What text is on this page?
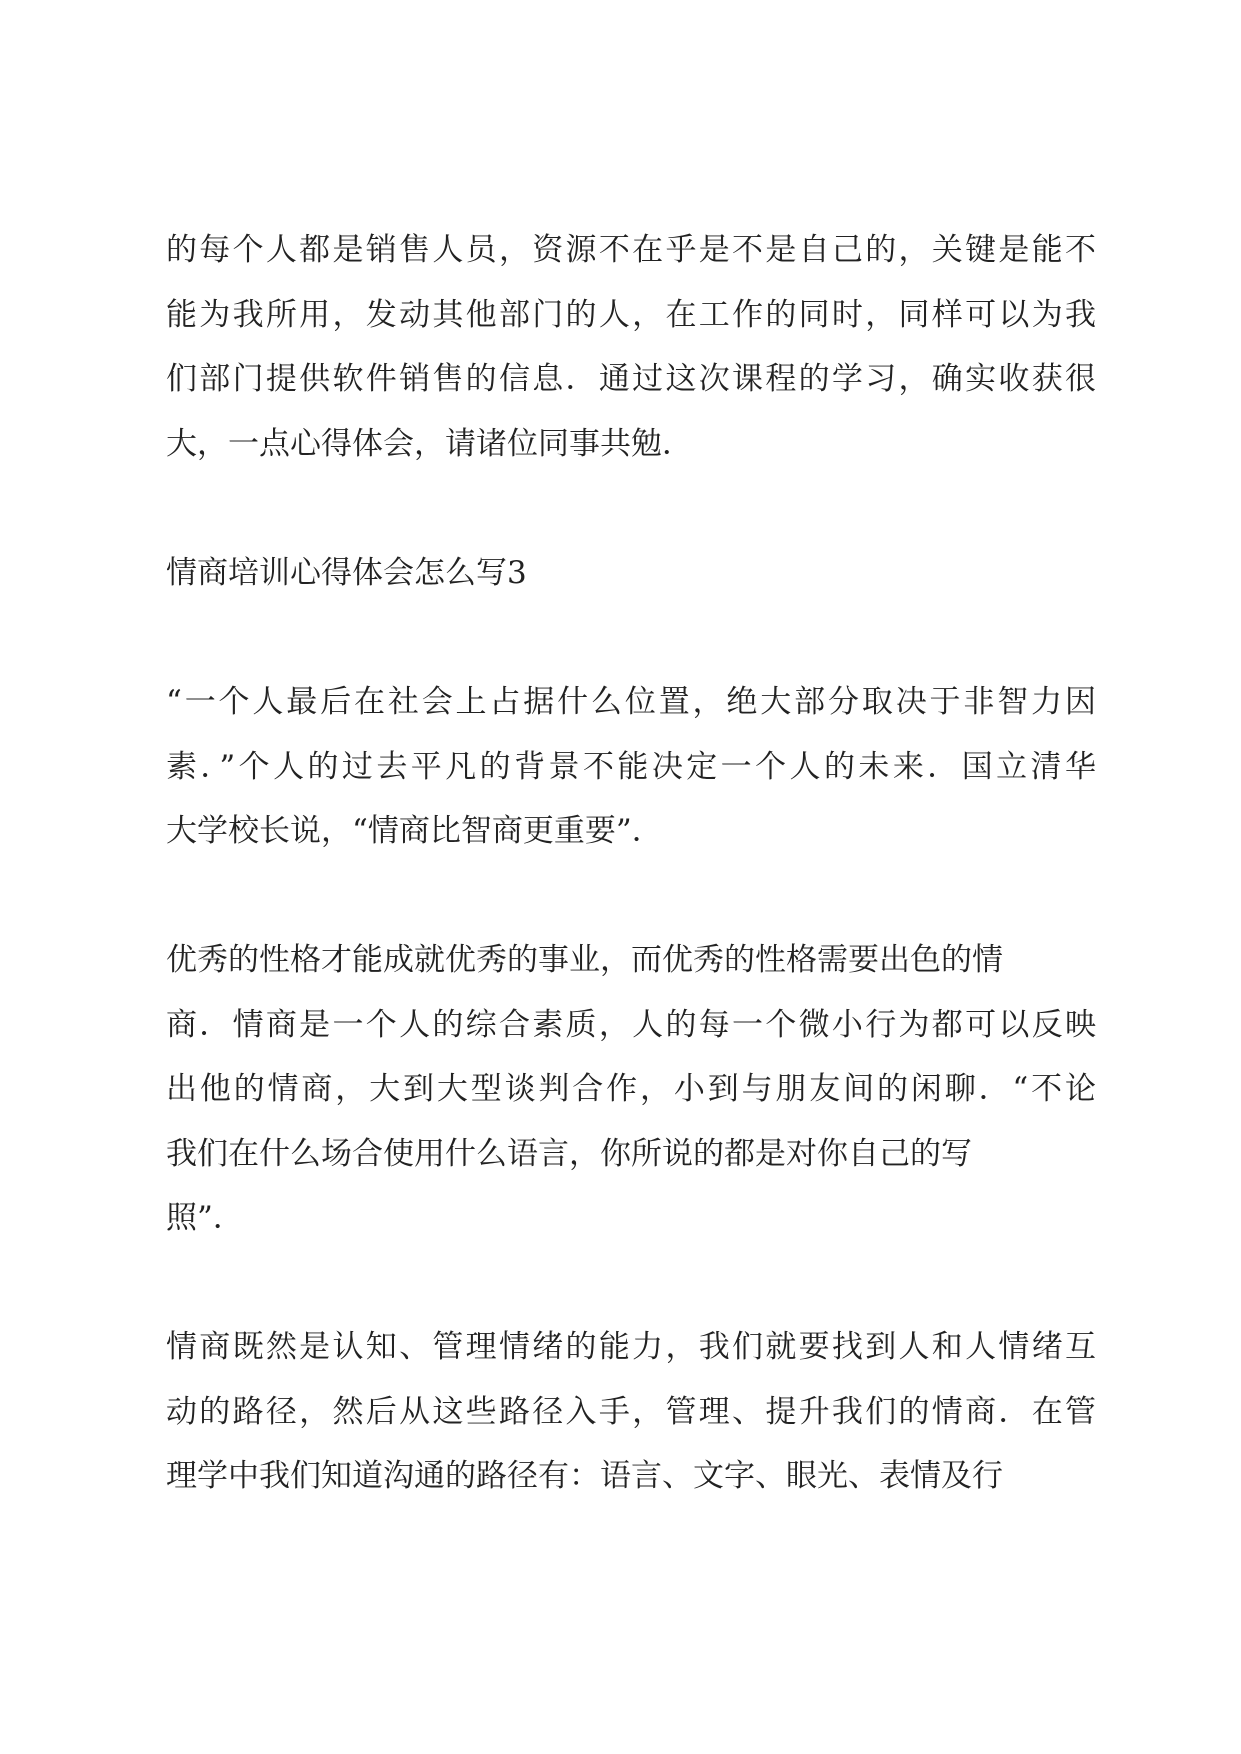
的每个人都是销售人员，资源不在乎是不是自己的，关键是能不
能为我所用，发动其他部门的人，在工作的同时，同样可以为我
们部门提供软件销售的信息．通过这次课程的学习，确实收获很
大，一点心得体会，请诸位同事共勉．
情商培训心得体会怎么写3
“一个人最后在社会上占据什么位置，绝大部分取决于非智力因
素．”个人的过去平凡的背景不能决定一个人的未来．国立清华
大学校长说，“情商比智商更重要”．
优秀的性格才能成就优秀的事业，而优秀的性格需要出色的情
商．情商是一个人的综合素质，人的每一个微小行为都可以反映
出他的情商，大到大型谈判合作，小到与朋友间的闲聊．“不论
我们在什么场合使用什么语言，你所说的都是对你自己的写
照”．
情商既然是认知、管理情绪的能力，我们就要找到人和人情绪互
动的路径，然后从这些路径入手，管理、提升我们的情商．在管
理学中我们知道沟通的路径有：语言、文字、眼光、表情及行
